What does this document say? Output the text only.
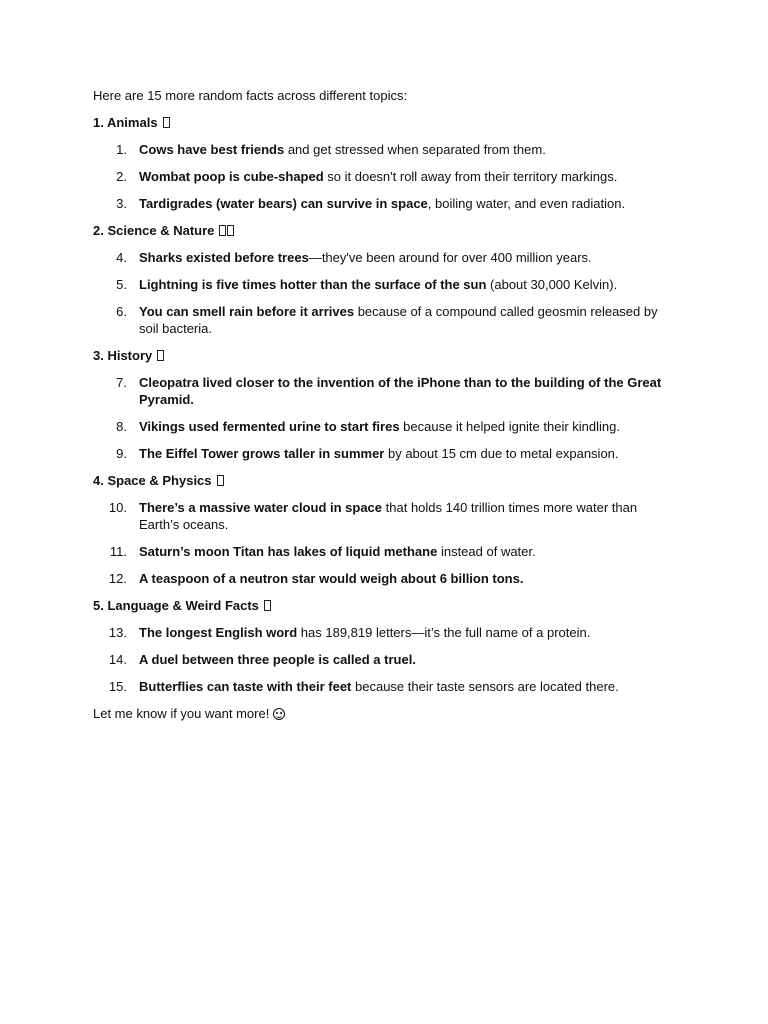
Here are 15 more random facts across different topics:

1. Animals
1. Cows have best friends and get stressed when separated from them.
2. Wombat poop is cube-shaped so it doesn't roll away from their territory markings.
3. Tardigrades (water bears) can survive in space, boiling water, and even radiation.
2. Science & Nature
4. Sharks existed before trees—they've been around for over 400 million years.
5. Lightning is five times hotter than the surface of the sun (about 30,000 Kelvin).
6. You can smell rain before it arrives because of a compound called geosmin released by soil bacteria.
3. History
7. Cleopatra lived closer to the invention of the iPhone than to the building of the Great Pyramid.
8. Vikings used fermented urine to start fires because it helped ignite their kindling.
9. The Eiffel Tower grows taller in summer by about 15 cm due to metal expansion.
4. Space & Physics
10. There’s a massive water cloud in space that holds 140 trillion times more water than Earth’s oceans.
11. Saturn’s moon Titan has lakes of liquid methane instead of water.
12. A teaspoon of a neutron star would weigh about 6 billion tons.
5. Language & Weird Facts
13. The longest English word has 189,819 letters—it’s the full name of a protein.
14. A duel between three people is called a truel.
15. Butterflies can taste with their feet because their taste sensors are located there.

Let me know if you want more!
